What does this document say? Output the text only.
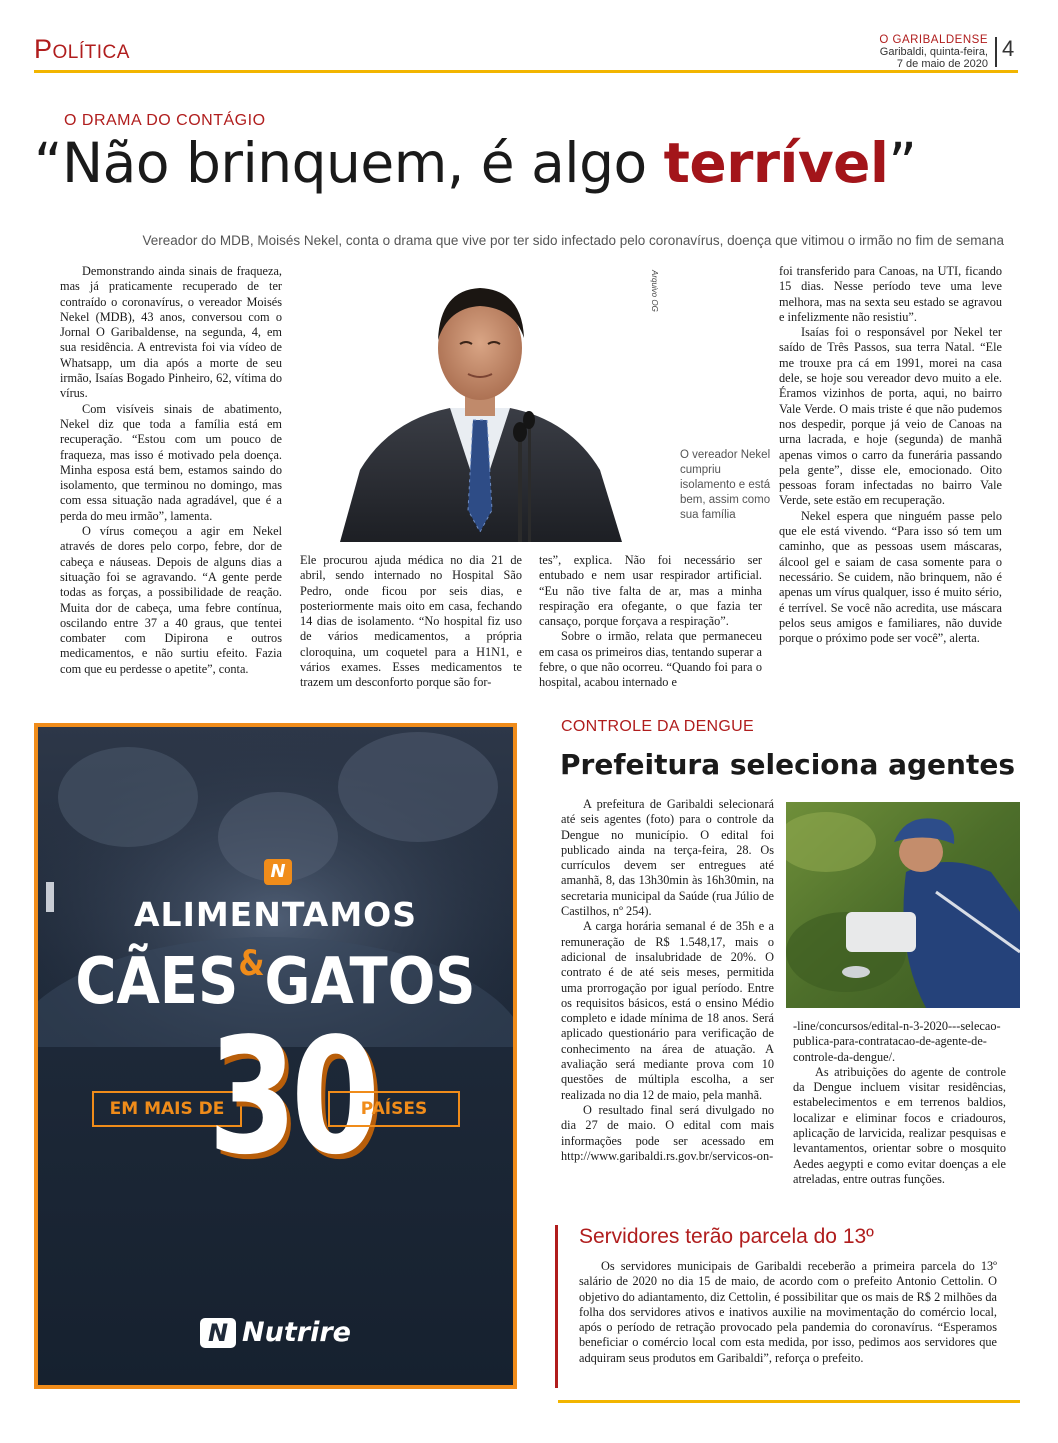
Política	O GARIBALDENSE
Garibaldi, quinta-feira,
7 de maio de 2020
4
O DRAMA DO CONTÁGIO
“Não brinquem, é algo terrível”
Vereador do MDB, Moisés Nekel, conta o drama que vive por ter sido infectado pelo coronavírus, doença que vitimou o irmão no fim de semana

Demonstrando ainda sinais de fraqueza, mas já praticamente recuperado de ter contraído o coronavírus, o vereador Moisés Nekel (MDB), 43 anos, conversou com o Jornal O Garibaldense, na segunda, 4, em sua residência. A entrevista foi via vídeo de Whatsapp, um dia após a morte de seu irmão, Isaías Bogado Pinheiro, 62, vítima do vírus.

Com visíveis sinais de abatimento, Nekel diz que toda a família está em recuperação. “Estou com um pouco de fraqueza, mas isso é motivado pela doença. Minha esposa está bem, estamos saindo do isolamento, que terminou no domingo, mas com essa situação nada agradável, que é a perda do meu irmão”, lamenta.

O vírus começou a agir em Nekel através de dores pelo corpo, febre, dor de cabeça e náuseas. Depois de alguns dias a situação foi se agravando. “A gente perde todas as forças, a possibilidade de reação. Muita dor de cabeça, uma febre contínua, oscilando entre 37 a 40 graus, que tentei combater com Dipirona e outros medicamentos, e não surtiu efeito. Fazia com que eu perdesse o apetite”, conta.

Arquivo OG
O vereador Nekel cumpriu isolamento e está bem, assim como sua família

Ele procurou ajuda médica no dia 21 de abril, sendo internado no Hospital São Pedro, onde ficou por seis dias, e posteriormente mais oito em casa, fechando 14 dias de isolamento. “No hospital fiz uso de vários medicamentos, a própria cloroquina, um coquetel para a H1N1, e vários exames. Esses medicamentos te trazem um desconforto porque são for-

tes”, explica. Não foi necessário ser entubado e nem usar respirador artificial. “Eu não tive falta de ar, mas a minha respiração era ofegante, o que fazia ter cansaço, porque forçava a respiração”.

Sobre o irmão, relata que permaneceu em casa os primeiros dias, tentando superar a febre, o que não ocorreu. “Quando foi para o hospital, acabou internado e

foi transferido para Canoas, na UTI, ficando 15 dias. Nesse período teve uma leve melhora, mas na sexta seu estado se agravou e infelizmente não resistiu”.

Isaías foi o responsável por Nekel ter saído de Três Passos, sua terra Natal. “Ele me trouxe pra cá em 1991, morei na casa dele, se hoje sou vereador devo muito a ele. Éramos vizinhos de porta, aqui, no bairro Vale Verde. O mais triste é que não pudemos nos despedir, porque já veio de Canoas na urna lacrada, e hoje (segunda) de manhã apenas vimos o carro da funerária passando pela gente”, disse ele, emocionado. Oito pessoas foram infectadas no bairro Vale Verde, sete estão em recuperação.

Nekel espera que ninguém passe pelo que ele está vivendo. “Para isso só tem um caminho, que as pessoas usem máscaras, álcool gel e saiam de casa somente para o necessário. Se cuidem, não brinquem, não é apenas um vírus qualquer, isso é muito sério, é terrível. Se você não acredita, use máscara pelos seus amigos e familiares, não duvide porque o próximo pode ser você”, alerta.

N
ALIMENTAMOS
CÃES&GATOS
EM MAIS DE
30
PAÍSES
N Nutrire
CONTROLE DA DENGUE
Prefeitura seleciona agentes

A prefeitura de Garibaldi selecionará até seis agentes (foto) para o controle da Dengue no município. O edital foi publicado ainda na terça-feira, 28. Os currículos devem ser entregues até amanhã, 8, das 13h30min às 16h30min, na secretaria municipal da Saúde (rua Júlio de Castilhos, nº 254).

A carga horária semanal é de 35h e a remuneração de R$ 1.548,17, mais o adicional de insalubridade de 20%. O contrato é de até seis meses, permitida uma prorrogação por igual período. Entre os requisitos básicos, está o ensino Médio completo e idade mínima de 18 anos. Será aplicado questionário para verificação de conhecimento na área de atuação. A avaliação será mediante prova com 10 questões de múltipla escolha, a ser realizada no dia 12 de maio, pela manhã.

O resultado final será divulgado no dia 27 de maio. O edital com mais informações pode ser acessado em http://www.garibaldi.rs.gov.br/servicos-on-

-line/concursos/edital-n-3-2020---selecao-publica-para-contratacao-de-agente-de-controle-da-dengue/.

As atribuições do agente de controle da Dengue incluem visitar residências, estabelecimentos e em terrenos baldios, localizar e eliminar focos e criadouros, aplicação de larvicida, realizar pesquisas e levantamentos, orientar sobre o mosquito Aedes aegypti e como evitar doenças a ele atreladas, entre outras funções.

Servidores terão parcela do 13º

Os servidores municipais de Garibaldi receberão a primeira parcela do 13º salário de 2020 no dia 15 de maio, de acordo com o prefeito Antonio Cettolin. O objetivo do adiantamento, diz Cettolin, é possibilitar que os mais de R$ 2 milhões da folha dos servidores ativos e inativos auxilie na movimentação do comércio local, após o período de retração provocado pela pandemia do coronavírus. “Esperamos beneficiar o comércio local com esta medida, por isso, pedimos aos servidores que adquiram seus produtos em Garibaldi”, reforça o prefeito.
